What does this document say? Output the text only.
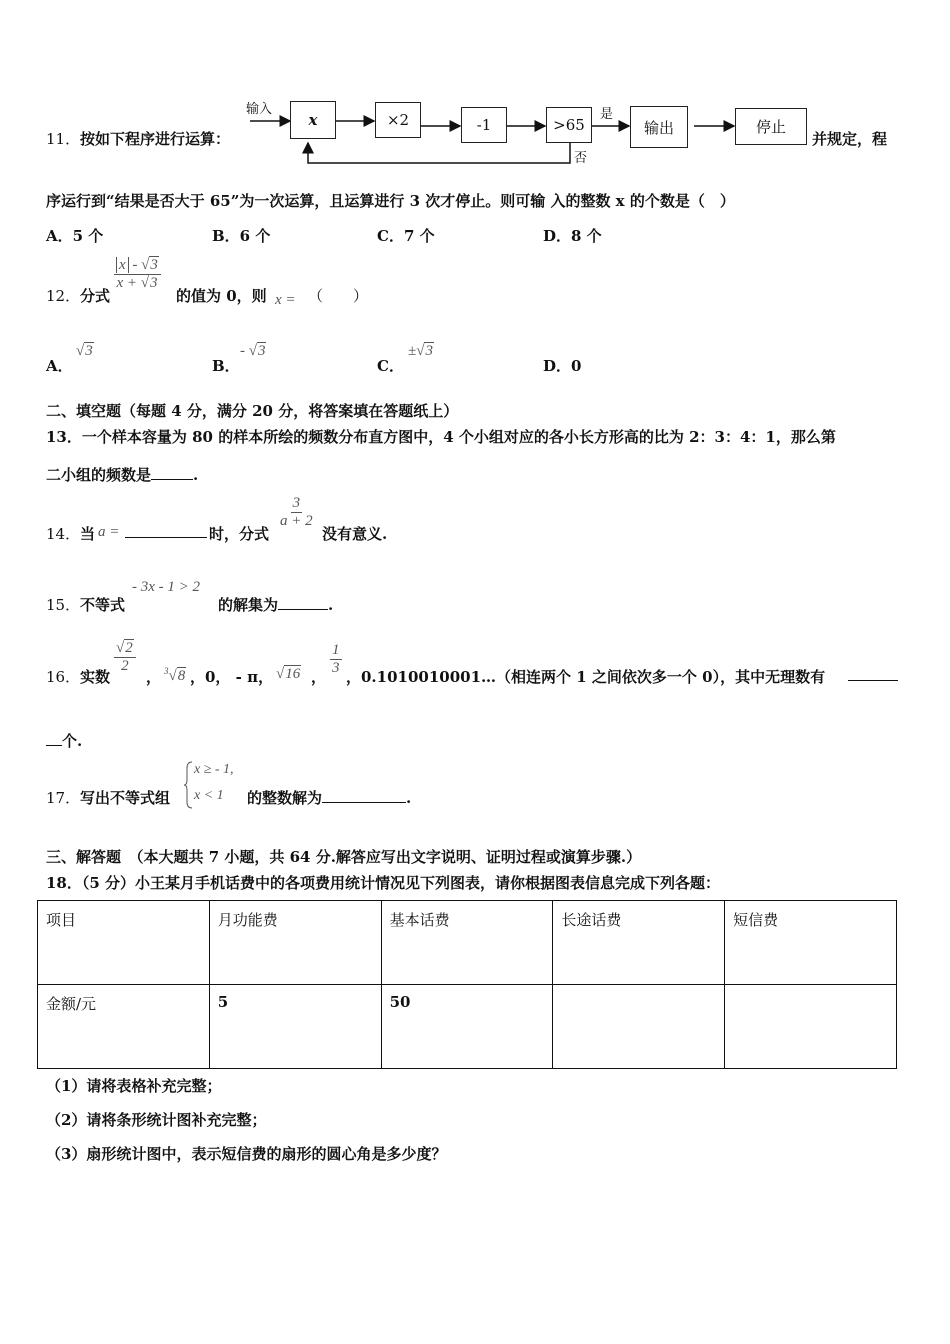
11． 按如下程序进行运算：
输入
x	×2	-1	>65
是
否
输出	停止
并规定，程
序运行到“结果是否大于 65”为一次运算，且运算进行 3 次才停止。则可输 入的整数 x 的个数是（　）
A．5 个	B．6 个	C．7 个	D．8 个
12． 分式
$\frac{x - √3}{x + √3}$
的值为 0，则 x = （　　）
A．
√3
B．
- √3
C．
±√3
D．0
二、填空题（每题 4 分，满分 20 分，将答案填在答题纸上）
13．一个样本容量为 80 的样本所绘的频数分布直方图中，4 个小组对应的各小长方形高的比为 2：3：4：1，那么第
二小组的频数是	.
14． 当 a =	时，分式
$\frac{3}{a + 2}$
没有意义.
15． 不等式
- 3x - 1 > 2
的解集为	.
16． 实数
$\frac{√2}{2}$
， $^3$√8 ，0， - π， √16 ， $\frac{1}{3}$ ，0.1010010001…（相连两个 1 之间依次多一个 0），其中无理数有
个.
17． 写出不等式组
x ≥ - 1,
x < 1 的整数解为	.
三、解答题　（本大题共 7 小题，共 64 分.解答应写出文字说明、证明过程或演算步骤.）
18．（5 分）小王某月手机话费中的各项费用统计情况见下列图表，请你根据图表信息完成下列各题：
项目	月功能费	基本话费	长途话费	短信费
金额/元	5	50		
（1）请将表格补充完整；
（2）请将条形统计图补充完整；
（3）扇形统计图中，表示短信费的扇形的圆心角是多少度？
